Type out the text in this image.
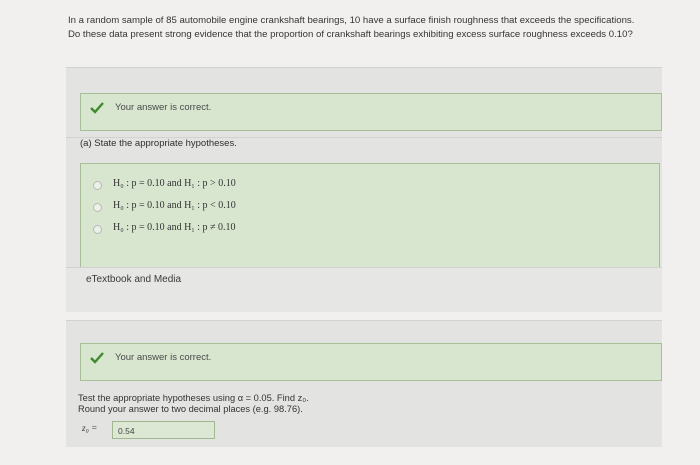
In a random sample of 85 automobile engine crankshaft bearings, 10 have a surface finish roughness that exceeds the specifications.
Do these data present strong evidence that the proportion of crankshaft bearings exhibiting excess surface roughness exceeds 0.10?
Your answer is correct.
(a) State the appropriate hypotheses.
H₀ : p = 0.10 and H₁ : p > 0.10
H₀ : p = 0.10 and H₁ : p < 0.10
H₀ : p = 0.10 and H₁ : p ≠ 0.10
eTextbook and Media
Your answer is correct.
Test the appropriate hypotheses using α = 0.05. Find z₀.
Round your answer to two decimal places (e.g. 98.76).
z₀ =	0.54
